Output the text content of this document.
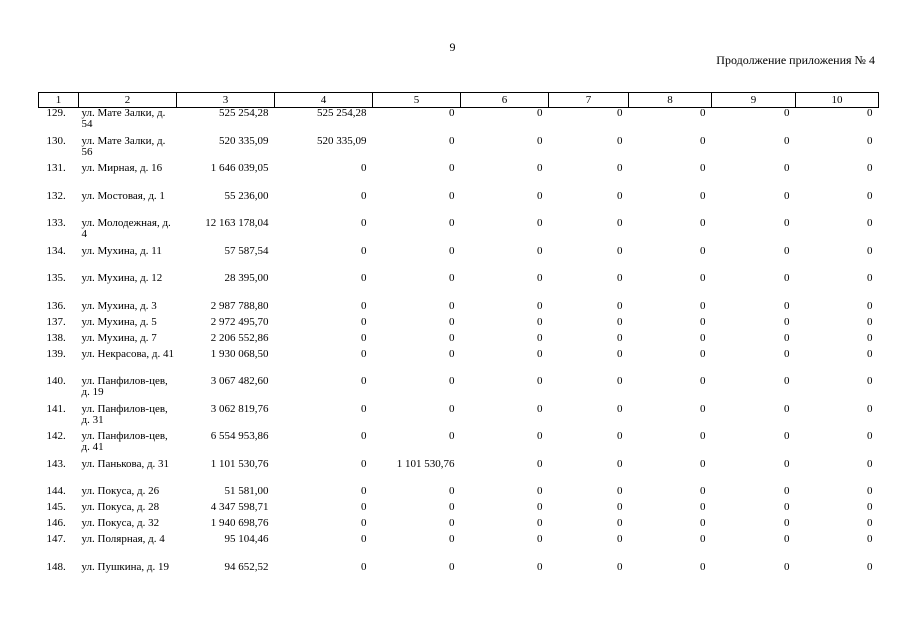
9
Продолжение приложения № 4
1	2	3	4	5	6	7	8	9	10
129.	ул. Мате Залки, д. 54	525 254,28	525 254,28	0	0	0	0	0	0
130.	ул. Мате Залки, д. 56	520 335,09	520 335,09	0	0	0	0	0	0
131.	ул. Мирная, д. 16	1 646 039,05	0	0	0	0	0	0	0
132.	ул. Мостовая, д. 1	55 236,00	0	0	0	0	0	0	0
133.	ул. Молодежная, д. 4	12 163 178,04	0	0	0	0	0	0	0
134.	ул. Мухина, д. 11	57 587,54	0	0	0	0	0	0	0
135.	ул. Мухина, д. 12	28 395,00	0	0	0	0	0	0	0
136.	ул. Мухина, д. 3	2 987 788,80	0	0	0	0	0	0	0
137.	ул. Мухина, д. 5	2 972 495,70	0	0	0	0	0	0	0
138.	ул. Мухина, д. 7	2 206 552,86	0	0	0	0	0	0	0
139.	ул. Некрасова, д. 41	1 930 068,50	0	0	0	0	0	0	0
140.	ул. Панфилов-цев, д. 19	3 067 482,60	0	0	0	0	0	0	0
141.	ул. Панфилов-цев, д. 31	3 062 819,76	0	0	0	0	0	0	0
142.	ул. Панфилов-цев, д. 41	6 554 953,86	0	0	0	0	0	0	0
143.	ул. Панькова, д. 31	1 101 530,76	0	1 101 530,76	0	0	0	0	0
144.	ул. Покуса, д. 26	51 581,00	0	0	0	0	0	0	0
145.	ул. Покуса, д. 28	4 347 598,71	0	0	0	0	0	0	0
146.	ул. Покуса, д. 32	1 940 698,76	0	0	0	0	0	0	0
147.	ул. Полярная, д. 4	95 104,46	0	0	0	0	0	0	0
148.	ул. Пушкина, д. 19	94 652,52	0	0	0	0	0	0	0
